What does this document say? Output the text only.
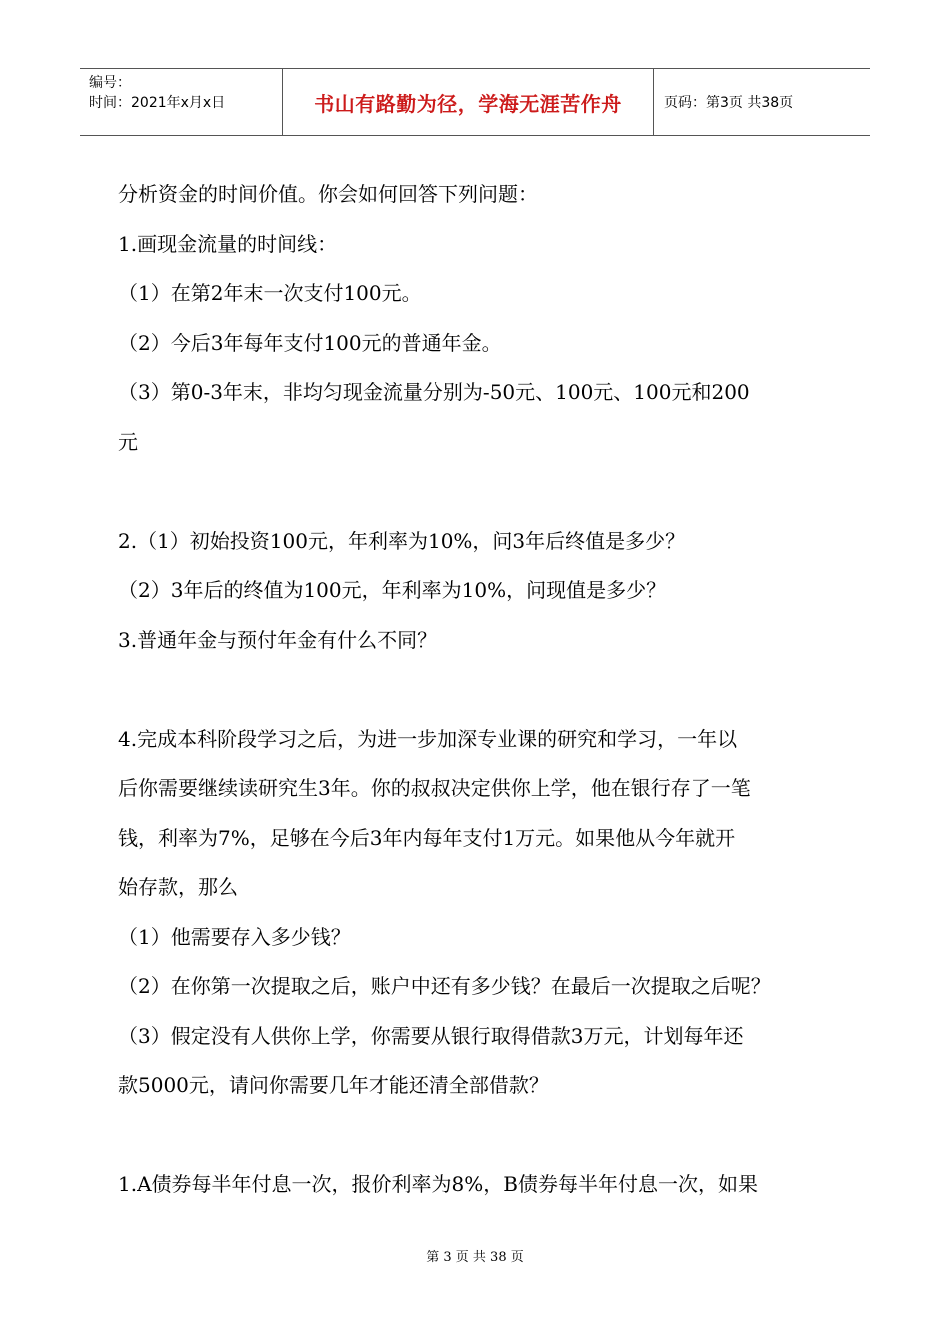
编号：
时间：2021年x月x日	书山有路勤为径，学海无涯苦作舟	页码：第3页 共38页
分析资金的时间价值。你会如何回答下列问题：
1.画现金流量的时间线：
（1）在第2年末一次支付100元。
（2）今后3年每年支付100元的普通年金。
（3）第0-3年末，非均匀现金流量分别为-50元、100元、100元和200
元
2.（1）初始投资100元，年利率为10%，问3年后终值是多少？
（2）3年后的终值为100元，年利率为10%，问现值是多少？
3.普通年金与预付年金有什么不同？
4.完成本科阶段学习之后，为进一步加深专业课的研究和学习，一年以
后你需要继续读研究生3年。你的叔叔决定供你上学，他在银行存了一笔
钱，利率为7%，足够在今后3年内每年支付1万元。如果他从今年就开
始存款，那么
（1）他需要存入多少钱？
（2）在你第一次提取之后，账户中还有多少钱？在最后一次提取之后呢？
（3）假定没有人供你上学，你需要从银行取得借款3万元，计划每年还
款5000元，请问你需要几年才能还清全部借款？
1.A债券每半年付息一次，报价利率为8%，B债券每半年付息一次，如果
第 3 页 共 38 页
